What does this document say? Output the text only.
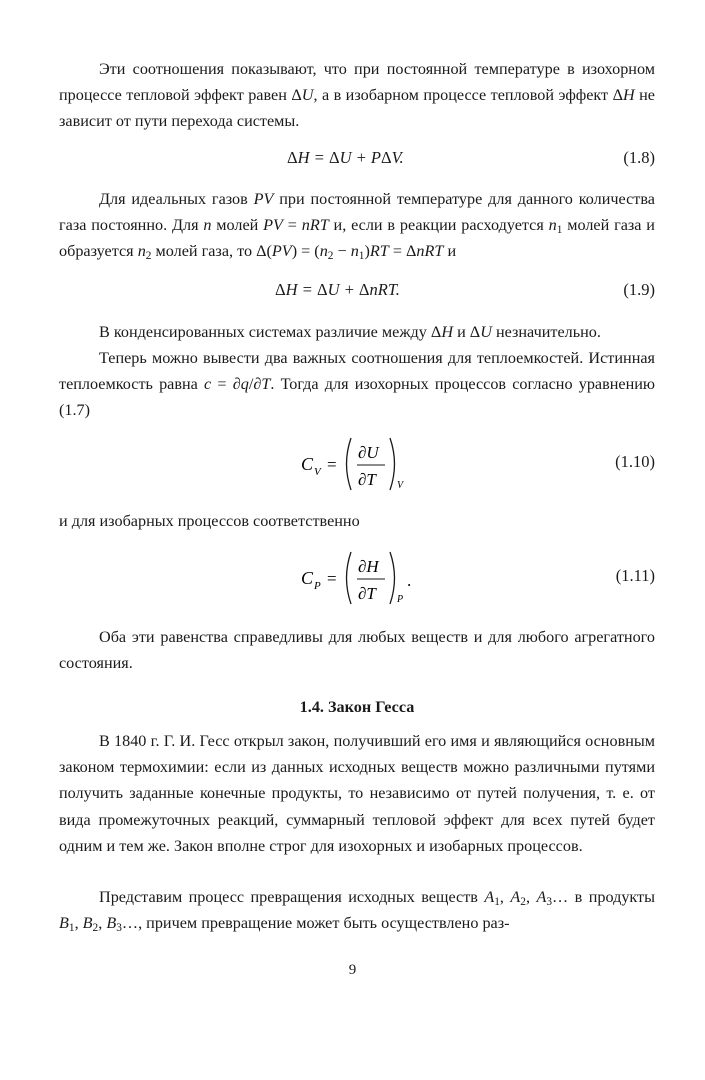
Эти соотношения показывают, что при постоянной температуре в изохорном процессе тепловой эффект равен ΔU, а в изобарном процессе тепловой эффект ΔH не зависит от пути перехода системы.

ΔH = ΔU + PΔV.	(1.8)

Для идеальных газов PV при постоянной температуре для данного количества газа постоянно. Для n молей PV = nRT и, если в реакции расходуется $n_1$ молей газа и образуется $n_2$ молей газа, то $\Delta(PV) = (n_2 - n_1)RT = \Delta nRT$ и

ΔH = ΔU + ΔnRT.	(1.9)

В конденсированных системах различие между ΔH и ΔU незначительно.

Теперь можно вывести два важных соотношения для теплоемкостей. Истинная теплоемкость равна c = ∂q/∂T. Тогда для изохорных процессов согласно уравнению (1.7)

C V =
∂U
∂T V
(1.10)

и для изобарных процессов соответственно

C P =
∂H
∂T P
.	(1.11)

Оба эти равенства справедливы для любых веществ и для любого агрегатного состояния.

1.4. Закон Гесса

В 1840 г. Г. И. Гесс открыл закон, получивший его имя и являющийся основным законом термохимии: если из данных исходных веществ можно различными путями получить заданные конечные продукты, то независимо от путей получения, т. е. от вида промежуточных реакций, суммарный тепловой эффект для всех путей будет одним и тем же. Закон вполне строг для изохорных и изобарных процессов.

Представим процесс превращения исходных веществ $A_1$, $A_2$, $A_3\dots$ в продукты $B_1$, $B_2$, $B_3\dots$, причем превращение может быть осуществлено раз-

9
